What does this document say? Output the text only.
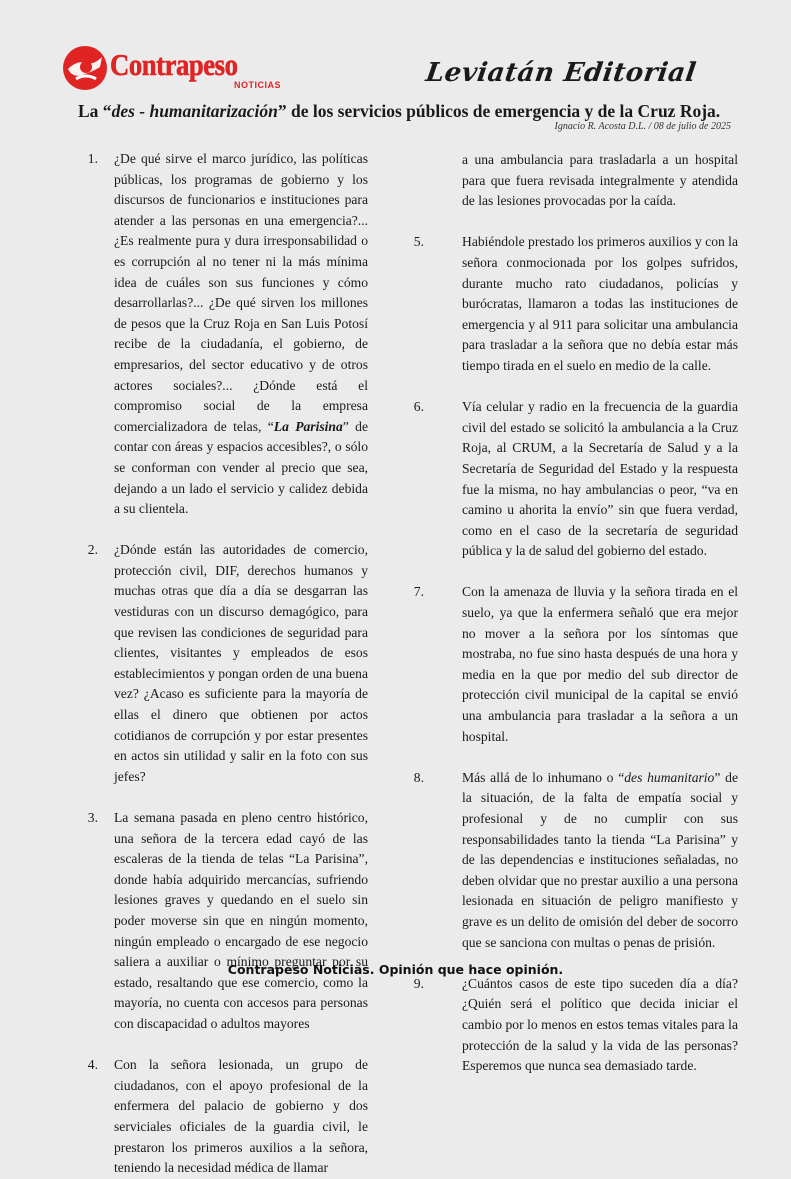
Contrapeso
NOTICIAS	Leviatán Editorial
La “des - humanitarización” de los servicios públicos de emergencia y de la Cruz Roja.
Ignacio R. Acosta D.L. / 08 de julio de 2025
1. ¿De qué sirve el marco jurídico, las políticas públicas, los programas de gobierno y los discursos de funcionarios e instituciones para atender a las personas en una emergencia?... ¿Es realmente pura y dura irresponsabilidad o es corrupción al no tener ni la más mínima idea de cuáles son sus funciones y cómo desarrollarlas?... ¿De qué sirven los millones de pesos que la Cruz Roja en San Luis Potosí recibe de la ciudadanía, el gobierno, de empresarios, del sector educativo y de otros actores sociales?... ¿Dónde está el compromiso social de la empresa comercializadora de telas, “La Parisina” de contar con áreas y espacios accesibles?, o sólo se conforman con vender al precio que sea, dejando a un lado el servicio y calidez debida a su clientela.

2. ¿Dónde están las autoridades de comercio, protección civil, DIF, derechos humanos y muchas otras que día a día se desgarran las vestiduras con un discurso demagógico, para que revisen las condiciones de seguridad para clientes, visitantes y empleados de esos establecimientos y pongan orden de una buena vez? ¿Acaso es suficiente para la mayoría de ellas el dinero que obtienen por actos cotidianos de corrupción y por estar presentes en actos sin utilidad y salir en la foto con sus jefes?

3. La semana pasada en pleno centro histórico, una señora de la tercera edad cayó de las escaleras de la tienda de telas “La Parisina”, donde había adquirido mercancías, sufriendo lesiones graves y quedando en el suelo sin poder moverse sin que en ningún momento, ningún empleado o encargado de ese negocio saliera a auxiliar o mínimo preguntar por su estado, resaltando que ese comercio, como la mayoría, no cuenta con accesos para personas con discapacidad o adultos mayores

4. Con la señora lesionada, un grupo de ciudadanos, con el apoyo profesional de la enfermera del palacio de gobierno y dos serviciales oficiales de la guardia civil, le prestaron los primeros auxilios a la señora, teniendo la necesidad médica de llamar

a una ambulancia para trasladarla a un hospital para que fuera revisada integralmente y atendida de las lesiones provocadas por la caída.

5.	Habiéndole prestado los primeros auxilios y con la señora conmocionada por los golpes sufridos, durante mucho rato ciudadanos, policías y burócratas, llamaron a todas las instituciones de emergencia y al 911 para solicitar una ambulancia para trasladar a la señora que no debía estar más tiempo tirada en el suelo en medio de la calle.

6.	Vía celular y radio en la frecuencia de la guardia civil del estado se solicitó la ambulancia a la Cruz Roja, al CRUM, a la Secretaría de Salud y a la Secretaría de Seguridad del Estado y la respuesta fue la misma, no hay ambulancias o peor, “va en camino u ahorita la envío” sin que fuera verdad, como en el caso de la secretaría de seguridad pública y la de salud del gobierno del estado.

7.	Con la amenaza de lluvia y la señora tirada en el suelo, ya que la enfermera señaló que era mejor no mover a la señora por los síntomas que mostraba, no fue sino hasta después de una hora y media en la que por medio del sub director de protección civil municipal de la capital se envió una ambulancia para trasladar a la señora a un hospital.

8.	Más allá de lo inhumano o “des humanitario” de la situación, de la falta de empatía social y profesional y de no cumplir con sus responsabilidades tanto la tienda “La Parisina” y de las dependencias e instituciones señaladas, no deben olvidar que no prestar auxilio a una persona lesionada en situación de peligro manifiesto y grave es un delito de omisión del deber de socorro que se sanciona con multas o penas de prisión.

9.	¿Cuántos casos de este tipo suceden día a día? ¿Quién será el político que decida iniciar el cambio por lo menos en estos temas vitales para la protección de la salud y la vida de las personas? Esperemos que nunca sea demasiado tarde.

Contrapeso Noticias. Opinión que hace opinión.
